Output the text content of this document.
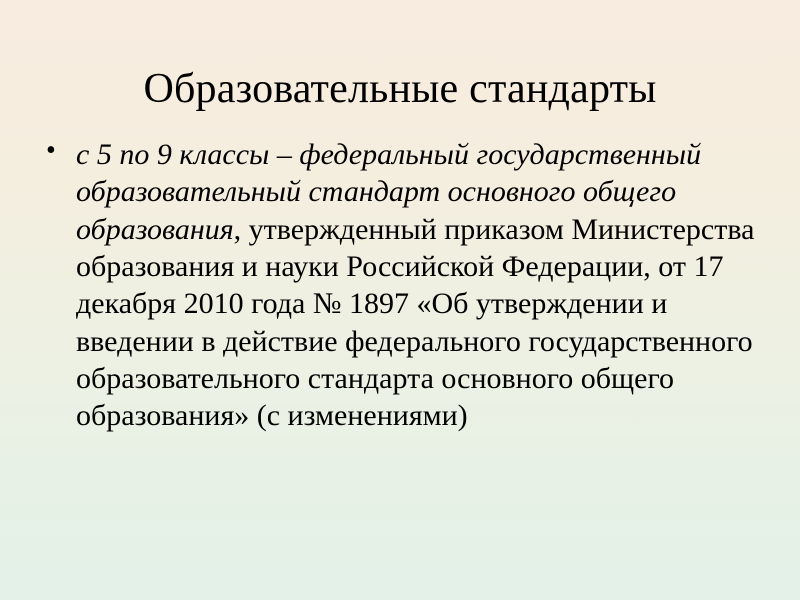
Образовательные стандарты
• с 5 по 9 классы – федеральный государственный образовательный стандарт основного общего образования, утвержденный приказом Министерства образования и науки Российской Федерации, от 17 декабря 2010 года № 1897 «Об утверждении и введении в действие федерального государственного образовательного стандарта основного общего образования» (с изменениями)
